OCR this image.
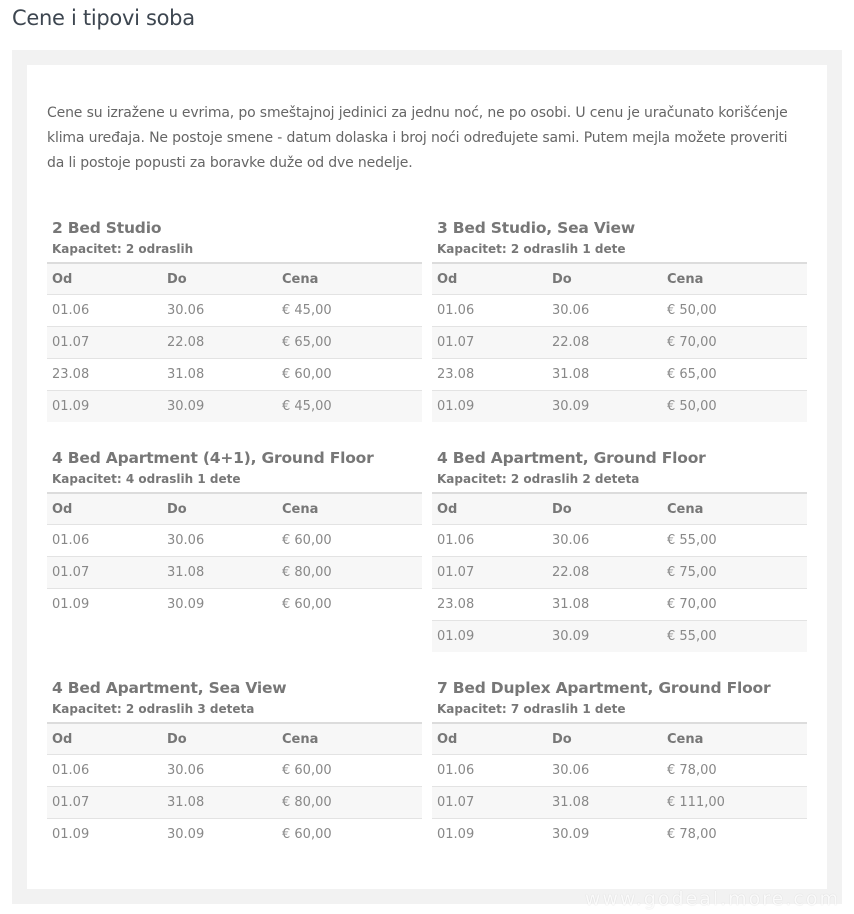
Cene i tipovi soba

Cene su izražene u evrima, po smeštajnoj jedinici za jednu noć, ne po osobi. U cenu je uračunato korišćenje klima uređaja. Ne postoje smene - datum dolaska i broj noći određujete sami. Putem mejla možete proveriti da li postoje popusti za boravke duže od dve nedelje.

2 Bed Studio
Kapacitet: 2 odraslih
Od	Do	Cena
01.06	30.06	€ 45,00
01.07	22.08	€ 65,00
23.08	31.08	€ 60,00
01.09	30.09	€ 45,00
3 Bed Studio, Sea View
Kapacitet: 2 odraslih 1 dete
Od	Do	Cena
01.06	30.06	€ 50,00
01.07	22.08	€ 70,00
23.08	31.08	€ 65,00
01.09	30.09	€ 50,00
4 Bed Apartment (4+1), Ground Floor
Kapacitet: 4 odraslih 1 dete
Od	Do	Cena
01.06	30.06	€ 60,00
01.07	31.08	€ 80,00
01.09	30.09	€ 60,00
4 Bed Apartment, Ground Floor
Kapacitet: 2 odraslih 2 deteta
Od	Do	Cena
01.06	30.06	€ 55,00
01.07	22.08	€ 75,00
23.08	31.08	€ 70,00
01.09	30.09	€ 55,00
4 Bed Apartment, Sea View
Kapacitet: 2 odraslih 3 deteta
Od	Do	Cena
01.06	30.06	€ 60,00
01.07	31.08	€ 80,00
01.09	30.09	€ 60,00
7 Bed Duplex Apartment, Ground Floor
Kapacitet: 7 odraslih 1 dete
Od	Do	Cena
01.06	30.06	€ 78,00
01.07	31.08	€ 111,00
01.09	30.09	€ 78,00
www.godeal.more.com
